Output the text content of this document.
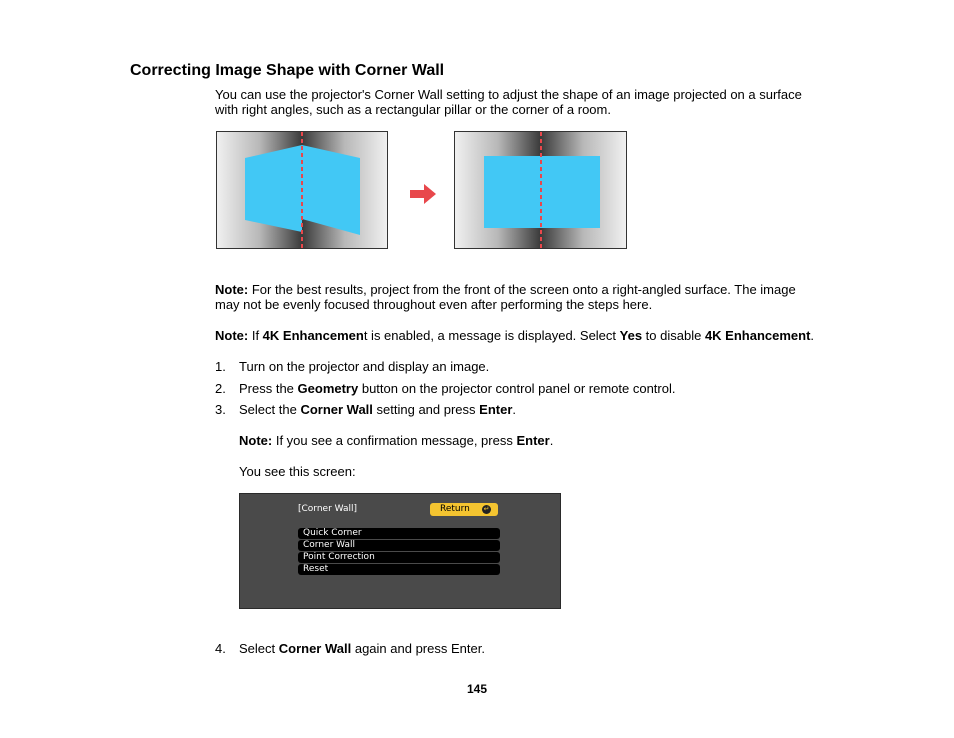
Correcting Image Shape with Corner Wall

You can use the projector's Corner Wall setting to adjust the shape of an image projected on a surface
with right angles, such as a rectangular pillar or the corner of a room.

Note: For the best results, project from the front of the screen onto a right-angled surface. The image
may not be evenly focused throughout even after performing the steps here.

Note: If 4K Enhancement is enabled, a message is displayed. Select Yes to disable 4K Enhancement.

1. Turn on the projector and display an image.

2. Press the Geometry button on the projector control panel or remote control.

3. Select the Corner Wall setting and press Enter.

Note: If you see a confirmation message, press Enter.

You see this screen:

[Corner Wall]	Return ↵
Quick Corner
Corner Wall
Point Correction
Reset

4. Select Corner Wall again and press Enter.

145
